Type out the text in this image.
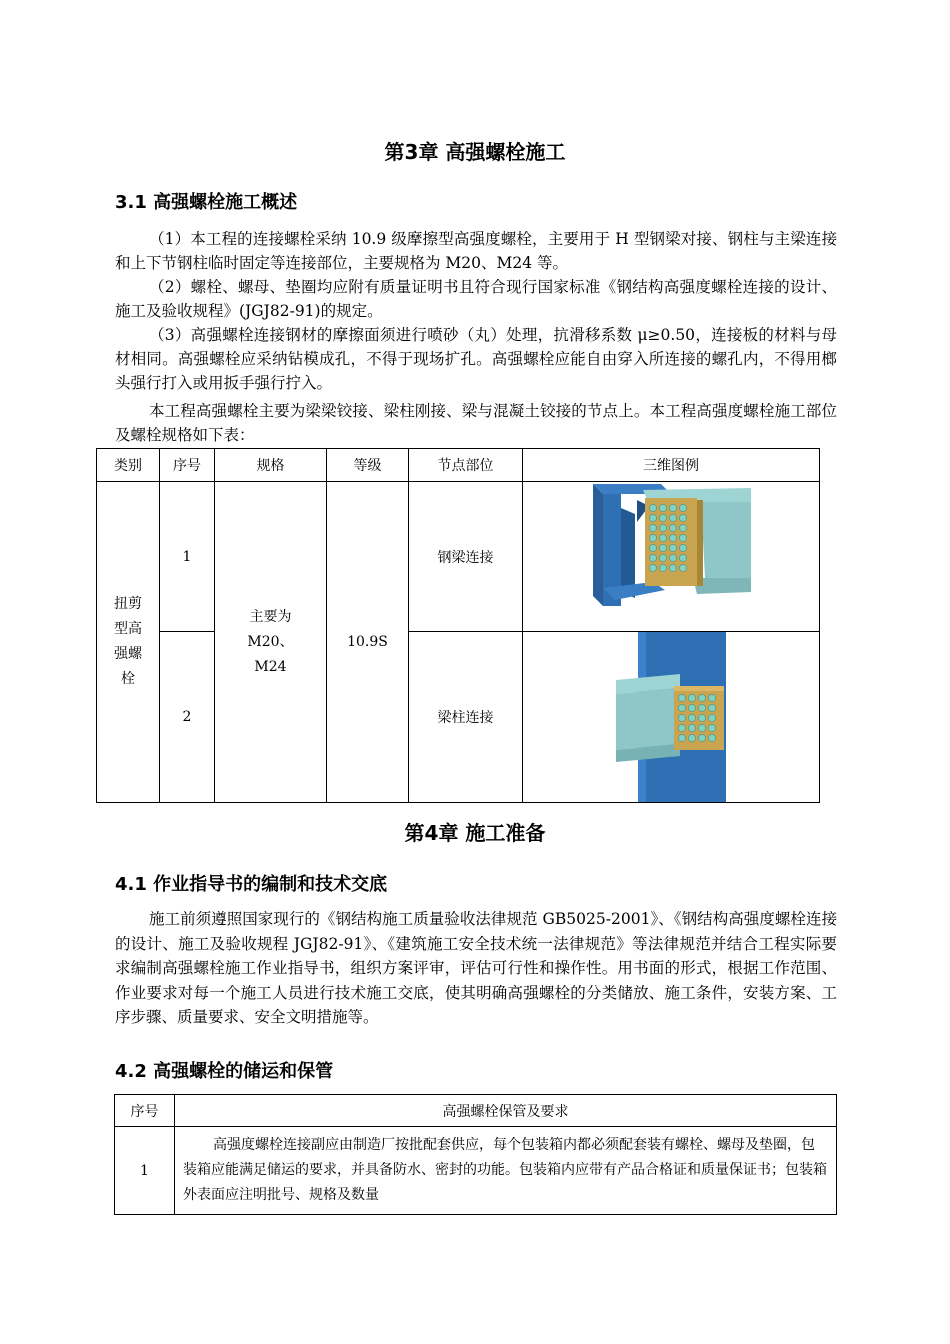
第3章 高强螺栓施工
3.1 高强螺栓施工概述
（1）本工程的连接螺栓采纳 10.9 级摩擦型高强度螺栓，主要用于 H 型钢梁对接、钢柱与主梁连接和上下节钢柱临时固定等连接部位，主要规格为 M20、M24 等。
（2）螺栓、螺母、垫圈均应附有质量证明书且符合现行国家标准《钢结构高强度螺栓连接的设计、施工及验收规程》(JGJ82-91)的规定。
（3）高强螺栓连接钢材的摩擦面须进行喷砂（丸）处理，抗滑移系数 μ≥0.50，连接板的材料与母材相同。高强螺栓应采纳钻模成孔，不得于现场扩孔。高强螺栓应能自由穿入所连接的螺孔内，不得用榔头强行打入或用扳手强行拧入。
本工程高强螺栓主要为梁梁铰接、梁柱刚接、梁与混凝土铰接的节点上。本工程高强度螺栓施工部位及螺栓规格如下表：
类别	序号	规格	等级	节点部位	三维图例
扭剪型高强螺栓	1	主要为M20、M24	10.9S	钢梁连接	

	2			梁柱连接	
第4章 施工准备
4.1 作业指导书的编制和技术交底
施工前须遵照国家现行的《钢结构施工质量验收法律规范 GB5025-2001》、《钢结构高强度螺栓连接的设计、施工及验收规程 JGJ82-91》、《建筑施工安全技术统一法律规范》等法律规范并结合工程实际要求编制高强螺栓施工作业指导书，组织方案评审，评估可行性和操作性。用书面的形式，根据工作范围、作业要求对每一个施工人员进行技术施工交底，使其明确高强螺栓的分类储放、施工条件，安装方案、工序步骤、质量要求、安全文明措施等。
4.2 高强螺栓的储运和保管
序号	高强螺栓保管及要求
1	高强度螺栓连接副应由制造厂按批配套供应，每个包装箱内都必须配套装有螺栓、螺母及垫圈，包装箱应能满足储运的要求，并具备防水、密封的功能。包装箱内应带有产品合格证和质量保证书；包装箱外表面应注明批号、规格及数量
